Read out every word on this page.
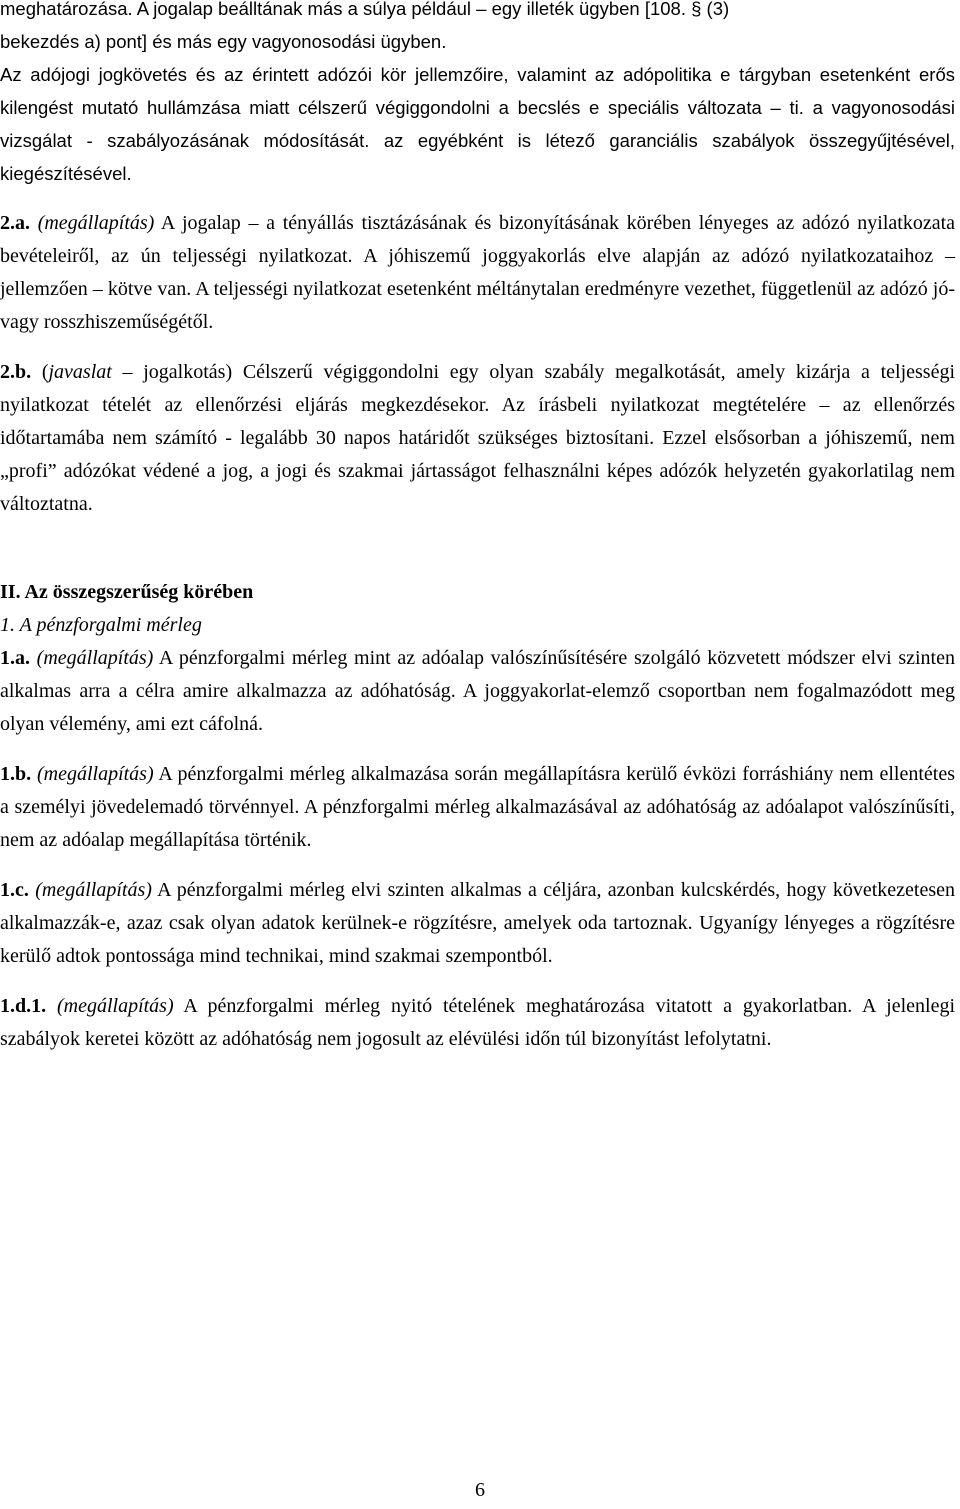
meghatározása. A jogalap beálltának más a súlya például – egy illeték ügyben [108. § (3)
bekezdés a) pont] és más egy vagyonosodási ügyben.

Az adójogi jogkövetés és az érintett adózói kör jellemzőire, valamint az adópolitika e tárgyban esetenként erős kilengést mutató hullámzása miatt célszerű végiggondolni a becslés e speciális változata – ti. a vagyonosodási vizsgálat - szabályozásának módosítását. az egyébként is létező garanciális szabályok összegyűjtésével, kiegészítésével.

2.a. (megállapítás) A jogalap – a tényállás tisztázásának és bizonyításának körében lényeges az adózó nyilatkozata bevételeiről, az ún teljességi nyilatkozat. A jóhiszemű joggyakorlás elve alapján az adózó nyilatkozataihoz – jellemzően – kötve van. A teljességi nyilatkozat esetenként méltánytalan eredményre vezethet, függetlenül az adózó jó- vagy rosszhiszeműségétől.

2.b. (javaslat – jogalkotás) Célszerű végiggondolni egy olyan szabály megalkotását, amely kizárja a teljességi nyilatkozat tételét az ellenőrzési eljárás megkezdésekor. Az írásbeli nyilatkozat megtételére – az ellenőrzés időtartamába nem számító - legalább 30 napos határidőt szükséges biztosítani. Ezzel elsősorban a jóhiszemű, nem „profi” adózókat védené a jog, a jogi és szakmai jártasságot felhasználni képes adózók helyzetén gyakorlatilag nem változtatna.

II. Az összegszerűség körében

1. A pénzforgalmi mérleg

1.a. (megállapítás) A pénzforgalmi mérleg mint az adóalap valószínűsítésére szolgáló közvetett módszer elvi szinten alkalmas arra a célra amire alkalmazza az adóhatóság. A joggyakorlat-elemző csoportban nem fogalmazódott meg olyan vélemény, ami ezt cáfolná.

1.b. (megállapítás) A pénzforgalmi mérleg alkalmazása során megállapításra kerülő évközi forráshiány nem ellentétes a személyi jövedelemadó törvénnyel. A pénzforgalmi mérleg alkalmazásával az adóhatóság az adóalapot valószínűsíti, nem az adóalap megállapítása történik.

1.c. (megállapítás) A pénzforgalmi mérleg elvi szinten alkalmas a céljára, azonban kulcskérdés, hogy következetesen alkalmazzák-e, azaz csak olyan adatok kerülnek-e rögzítésre, amelyek oda tartoznak. Ugyanígy lényeges a rögzítésre kerülő adtok pontossága mind technikai, mind szakmai szempontból.

1.d.1. (megállapítás) A pénzforgalmi mérleg nyitó tételének meghatározása vitatott a gyakorlatban. A jelenlegi szabályok keretei között az adóhatóság nem jogosult az elévülési időn túl bizonyítást lefolytatni.

6
